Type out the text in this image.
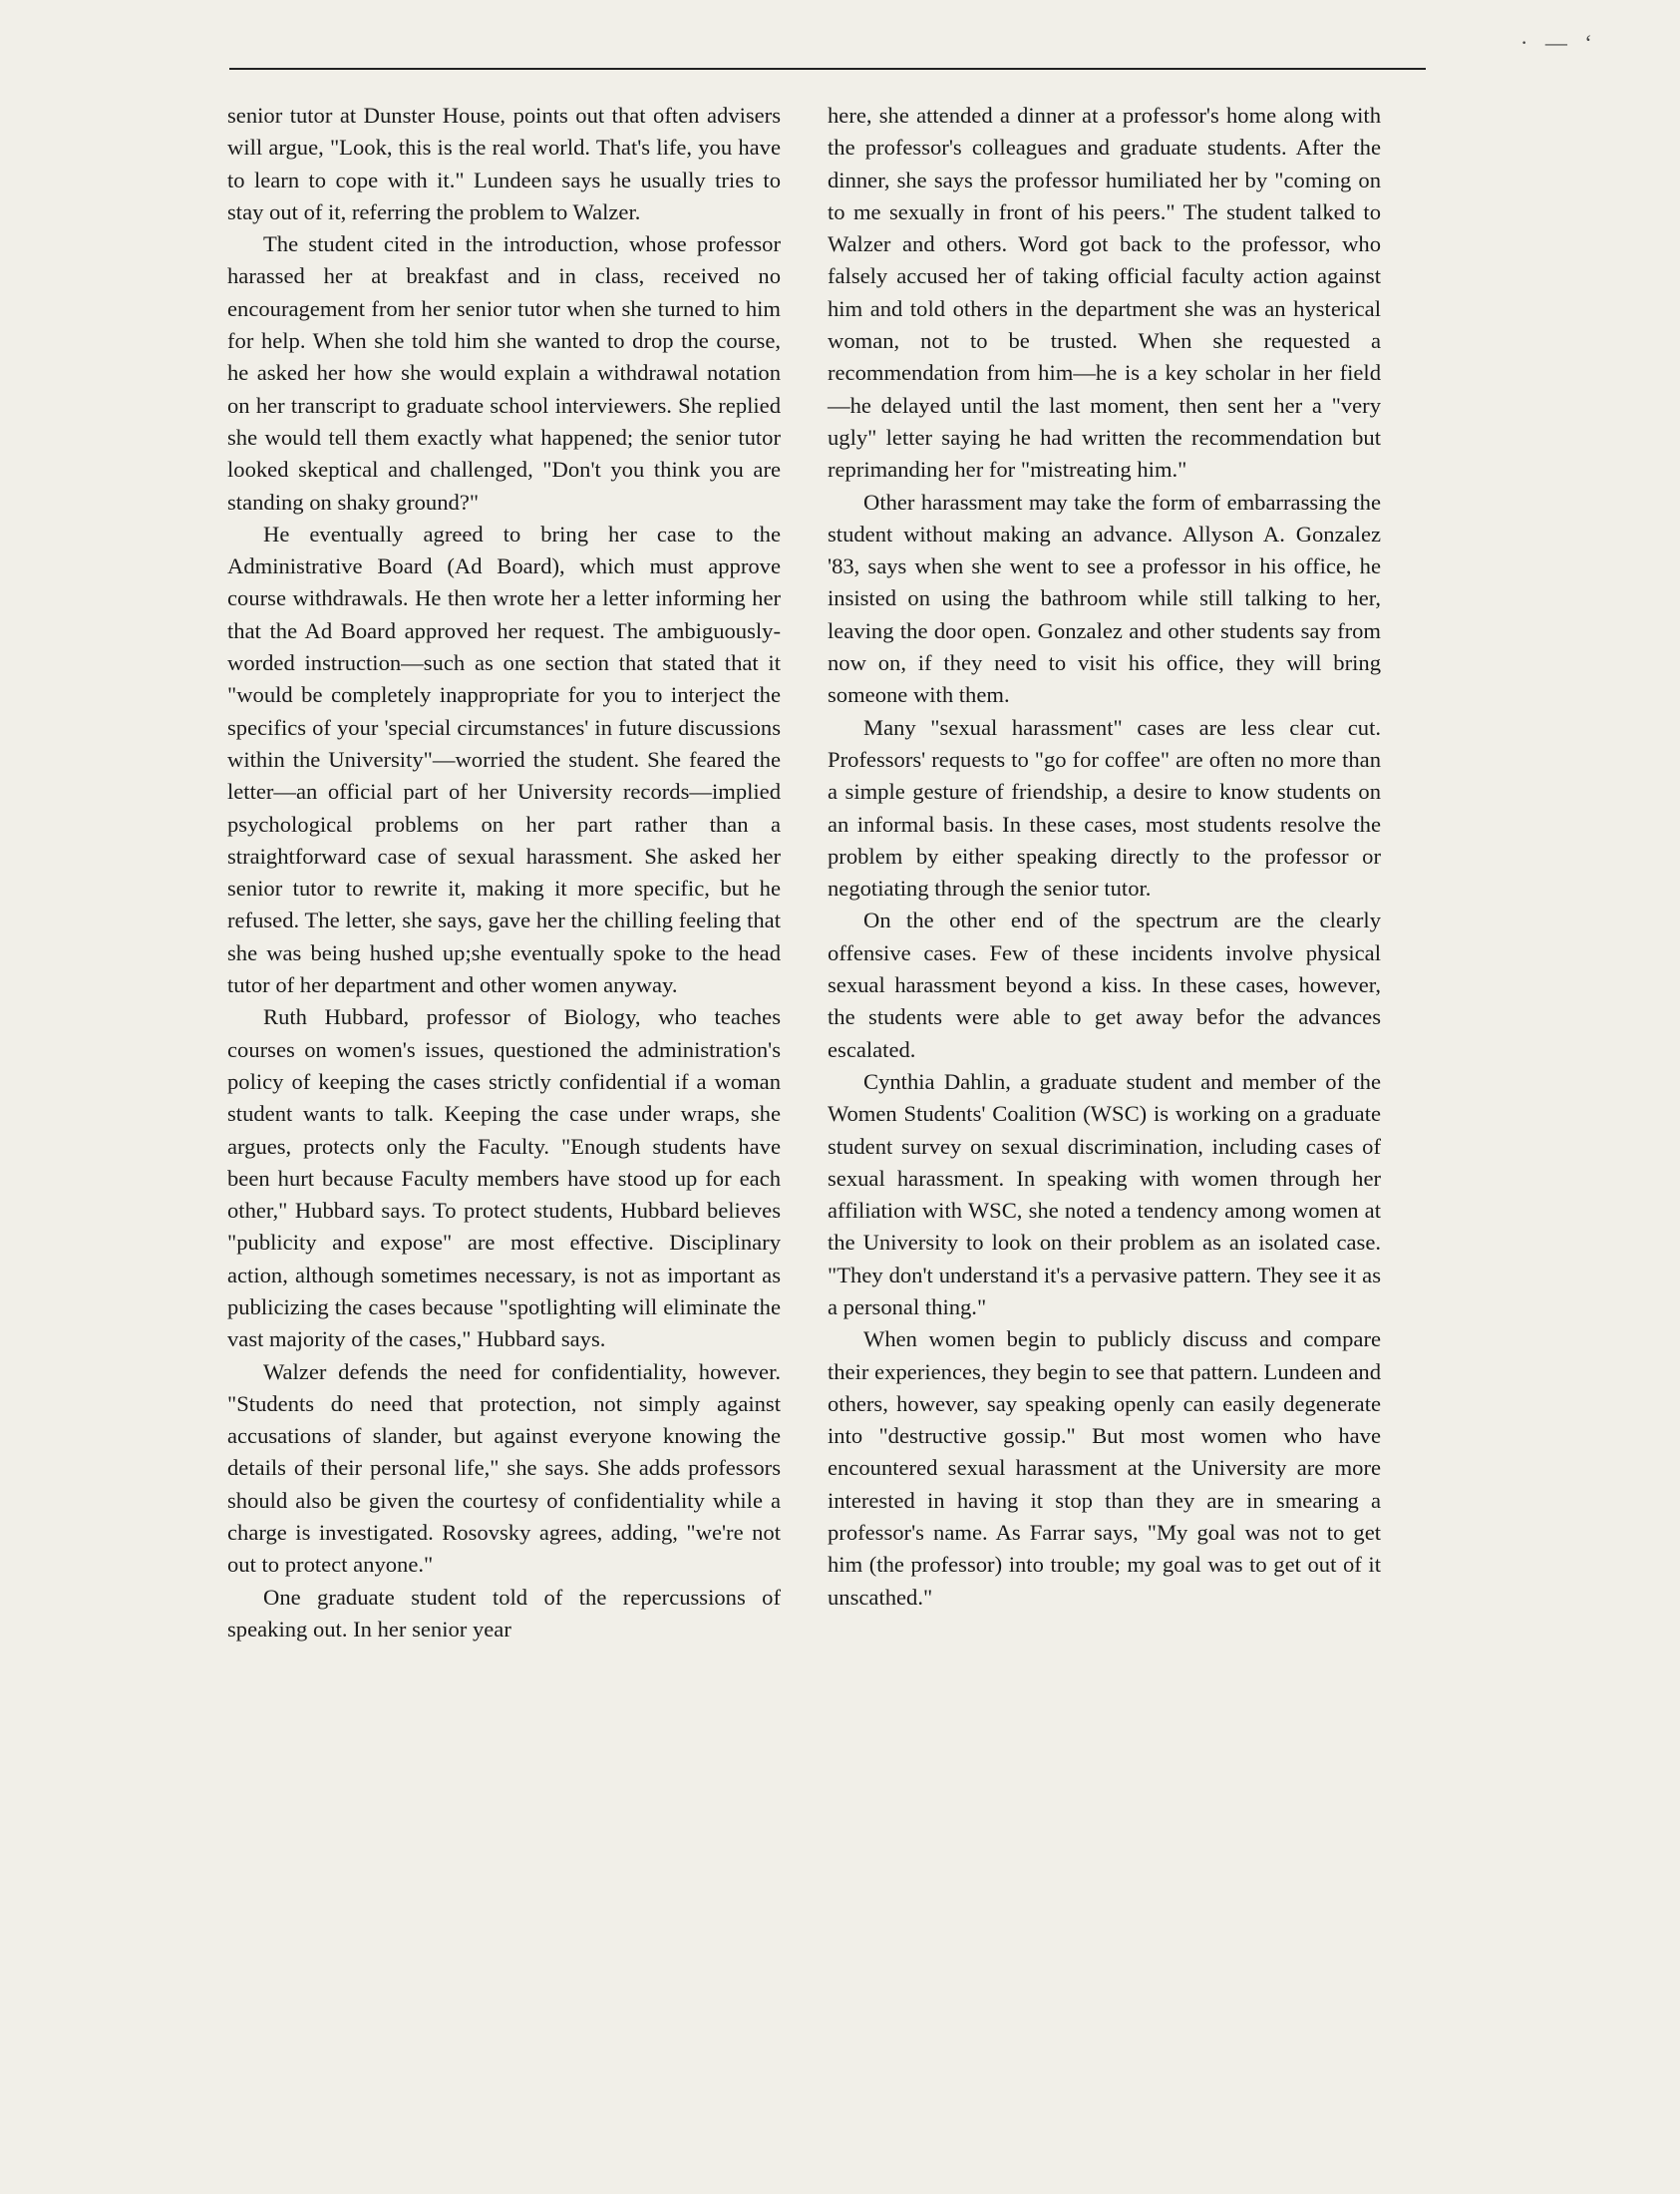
· — ʻ

senior tutor at Dunster House, points out that often advisers will argue, "Look, this is the real world. That's life, you have to learn to cope with it." Lundeen says he usually tries to stay out of it, referring the problem to Walzer.

The student cited in the introduction, whose professor harassed her at breakfast and in class, received no encouragement from her senior tutor when she turned to him for help. When she told him she wanted to drop the course, he asked her how she would explain a withdrawal notation on her transcript to graduate school interviewers. She replied she would tell them exactly what happened; the senior tutor looked skeptical and challenged, "Don't you think you are standing on shaky ground?"

He eventually agreed to bring her case to the Administrative Board (Ad Board), which must approve course withdrawals. He then wrote her a letter informing her that the Ad Board approved her request. The ambiguously-worded instruction—such as one section that stated that it "would be completely inappropriate for you to interject the specifics of your 'special circumstances' in future discussions within the University"—worried the student. She feared the letter—an official part of her University records—implied psychological problems on her part rather than a straightforward case of sexual harassment. She asked her senior tutor to rewrite it, making it more specific, but he refused. The letter, she says, gave her the chilling feeling that she was being hushed up;she eventually spoke to the head tutor of her department and other women anyway.

Ruth Hubbard, professor of Biology, who teaches courses on women's issues, questioned the administration's policy of keeping the cases strictly confidential if a woman student wants to talk. Keeping the case under wraps, she argues, protects only the Faculty. "Enough students have been hurt because Faculty members have stood up for each other," Hubbard says. To protect students, Hubbard believes "publicity and expose" are most effective. Disciplinary action, although sometimes necessary, is not as important as publicizing the cases because "spotlighting will eliminate the vast majority of the cases," Hubbard says.

Walzer defends the need for confidentiality, however. "Students do need that protection, not simply against accusations of slander, but against everyone knowing the details of their personal life," she says. She adds professors should also be given the courtesy of confidentiality while a charge is investigated. Rosovsky agrees, adding, "we're not out to protect anyone."

One graduate student told of the repercussions of speaking out. In her senior year

here, she attended a dinner at a professor's home along with the professor's colleagues and graduate students. After the dinner, she says the professor humiliated her by "coming on to me sexually in front of his peers." The student talked to Walzer and others. Word got back to the professor, who falsely accused her of taking official faculty action against him and told others in the department she was an hysterical woman, not to be trusted. When she requested a recommendation from him—he is a key scholar in her field—he delayed until the last moment, then sent her a "very ugly" letter saying he had written the recommendation but reprimanding her for "mistreating him."

Other harassment may take the form of embarrassing the student without making an advance. Allyson A. Gonzalez '83, says when she went to see a professor in his office, he insisted on using the bathroom while still talking to her, leaving the door open. Gonzalez and other students say from now on, if they need to visit his office, they will bring someone with them.

Many "sexual harassment" cases are less clear cut. Professors' requests to "go for coffee" are often no more than a simple gesture of friendship, a desire to know students on an informal basis. In these cases, most students resolve the problem by either speaking directly to the professor or negotiating through the senior tutor.

On the other end of the spectrum are the clearly offensive cases. Few of these incidents involve physical sexual harassment beyond a kiss. In these cases, however, the students were able to get away befor the advances escalated.

Cynthia Dahlin, a graduate student and member of the Women Students' Coalition (WSC) is working on a graduate student survey on sexual discrimination, including cases of sexual harassment. In speaking with women through her affiliation with WSC, she noted a tendency among women at the University to look on their problem as an isolated case. "They don't understand it's a pervasive pattern. They see it as a personal thing."

When women begin to publicly discuss and compare their experiences, they begin to see that pattern. Lundeen and others, however, say speaking openly can easily degenerate into "destructive gossip." But most women who have encountered sexual harassment at the University are more interested in having it stop than they are in smearing a professor's name. As Farrar says, "My goal was not to get him (the professor) into trouble; my goal was to get out of it unscathed."
